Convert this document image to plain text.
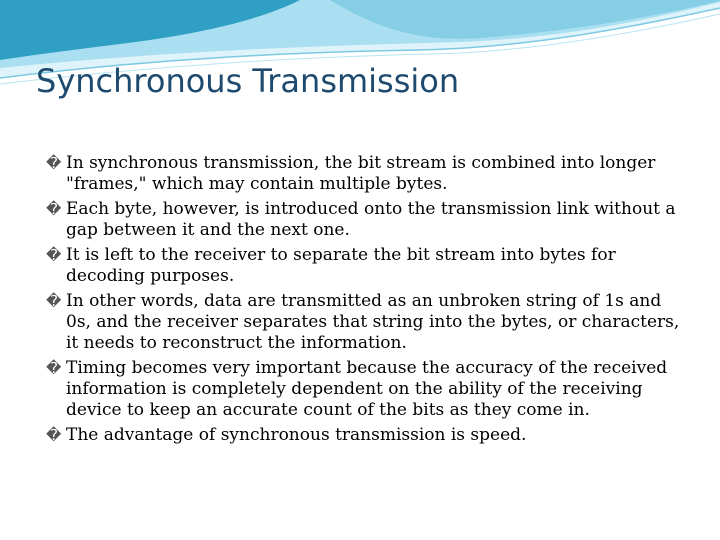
Synchronous Transmission
� In synchronous transmission, the bit stream is combined into longer "frames," which may contain multiple bytes.
� Each byte, however, is introduced onto the transmission link without a gap between it and the next one.
� It is left to the receiver to separate the bit stream into bytes for decoding purposes.
� In other words, data are transmitted as an unbroken string of 1s and 0s, and the receiver separates that string into the bytes, or characters, it needs to reconstruct the information.
� Timing becomes very important because the accuracy of the received information is completely dependent on the ability of the receiving device to keep an accurate count of the bits as they come in.
� The advantage of synchronous transmission is speed.
